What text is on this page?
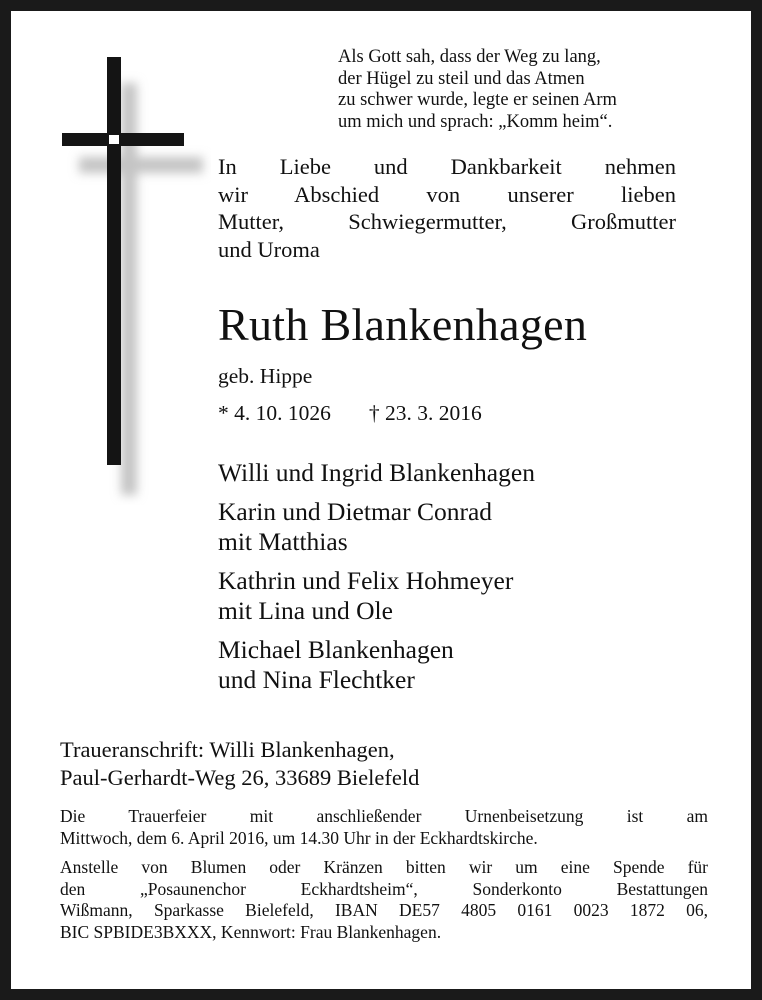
Als Gott sah, dass der Weg zu lang,
der Hügel zu steil und das Atmen
zu schwer wurde, legte er seinen Arm
um mich und sprach: „Komm heim“.
In Liebe und Dankbarkeit nehmen
wir Abschied von unserer lieben
Mutter, Schwiegermutter, Großmutter
und Uroma
Ruth Blankenhagen
geb. Hippe
* 4. 10. 1026 † 23. 3. 2016
Willi und Ingrid Blankenhagen
Karin und Dietmar Conrad
mit Matthias
Kathrin und Felix Hohmeyer
mit Lina und Ole
Michael Blankenhagen
und Nina Flechtker
Traueranschrift: Willi Blankenhagen,
Paul-Gerhardt-Weg 26, 33689 Bielefeld
Die Trauerfeier mit anschließender Urnenbeisetzung ist am
Mittwoch, dem 6. April 2016, um 14.30 Uhr in der Eckhardtskirche.
Anstelle von Blumen oder Kränzen bitten wir um eine Spende für
den „Posaunenchor Eckhardtsheim“, Sonderkonto Bestattungen
Wißmann, Sparkasse Bielefeld, IBAN DE57 4805 0161 0023 1872 06,
BIC SPBIDE3BXXX, Kennwort: Frau Blankenhagen.
